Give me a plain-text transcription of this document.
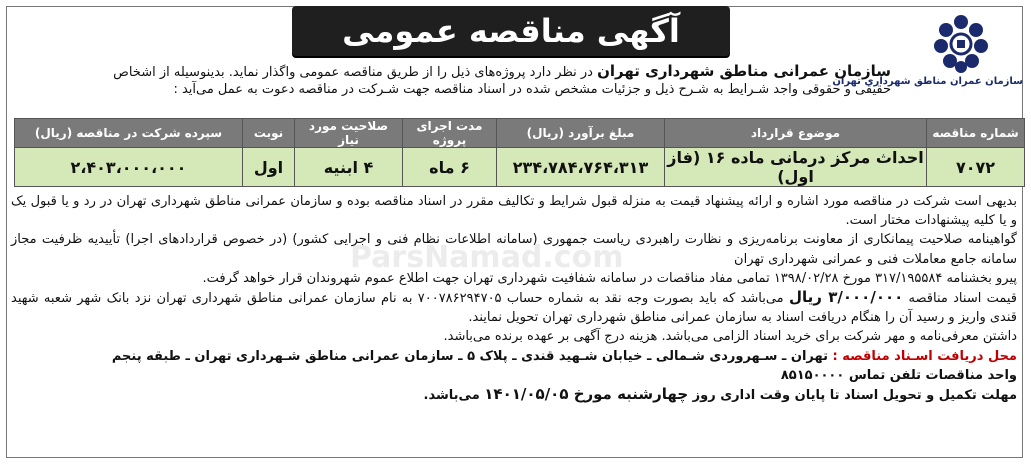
آگهی مناقصه عمومی
سازمان عمران مناطق شهرداری تهران
سازمان عمرانی مناطق شهرداری تهران در نظر دارد پروژه‌های ذیل را از طریق مناقصه عمومی واگذار نماید. بدینوسیله از اشخاص
حقیقی و حقوقی واجد شـرایط به شـرح ذیل و جزئیات مشخص شده در اسناد مناقصه جهت شـرکت در مناقصه دعوت به عمل می‌آید :
شماره مناقصه	موضوع قرارداد	مبلغ برآورد (ریال)	مدت اجرای پروژه	صلاحیت مورد نیاز	نوبت	سپرده شرکت در مناقصه (ریال)
۷۰۷۲	احداث مرکز درمانی ماده ۱۶ (فاز اول)	۲۳۴،۷۸۴،۷۶۴،۳۱۳	۶ ماه	۴ ابنیه	اول	۲،۴۰۳،۰۰۰،۰۰۰

بدیهی است شرکت در مناقصه مورد اشاره و ارائه پیشنهاد قیمت به منزله قبول شرایط و تکالیف مقرر در اسناد مناقصه بوده و سازمان عمرانی مناطق شهرداری تهران در رد و یا قبول یک و یا کلیه پیشنهادات مختار است.

گواهینامه صلاحیت پیمانکاری از معاونت برنامه‌ریزی و نظارت راهبردی ریاست جمهوری (سامانه اطلاعات نظام فنی و اجرایی کشور) (در خصوص قراردادهای اجرا) تأییدیه ظرفیت مجاز سامانه جامع معاملات فنی و عمرانی شهرداری تهران

پیرو بخشنامه ۳۱۷/۱۹۵۵۸۴ مورخ ۱۳۹۸/۰۲/۲۸ تمامی مفاد مناقصات در سامانه شفافیت شهرداری تهران جهت اطلاع عموم شهروندان قرار خواهد گرفت.

قیمت اسناد مناقصه ۳/۰۰۰/۰۰۰ ریال می‌باشد که باید بصورت وجه نقد به شماره حساب ۷۰۰۷۸۶۲۹۴۷۰۵ به نام سازمان عمرانی مناطق شهرداری تهران نزد بانک شهر شعبه شهید قندی واریز و رسید آن را هنگام دریافت اسناد به سازمان عمرانی مناطق شهرداری تهران تحویل نمایند.

داشتن معرفی‌نامه و مهر شرکت برای خرید اسناد الزامی می‌باشد. هزینه درج آگهی بر عهده برنده می‌باشد.

محل دریافت اسـناد مناقصه : تهران ـ سـهروردی شـمالی ـ خیابان شـهید قندی ـ پلاک ۵ ـ سازمان عمرانی مناطق شـهرداری تهران ـ طبقه پنجم

واحد مناقصات تلفن تماس ۸۵۱۵۰۰۰۰

مهلت تکمیل و تحویل اسناد تا پایان وقت اداری روز چهارشنبه مورخ ۱۴۰۱/۰۵/۰۵ می‌باشد.

ParsNamad.com
